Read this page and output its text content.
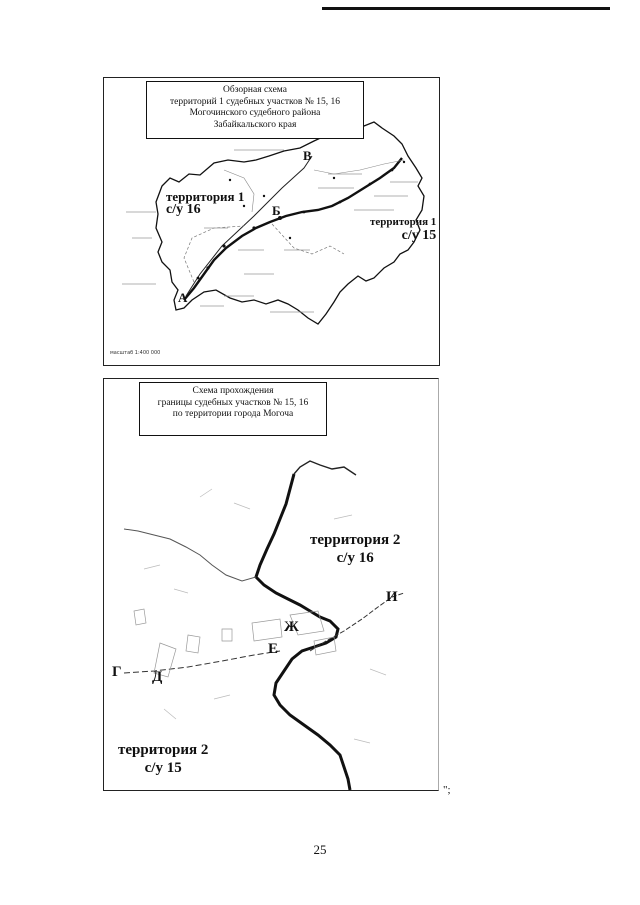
Обзорная схема
территорий 1 судебных участков № 15, 16
Могочинского судебного района
Забайкальского края
территория 1
с/у 16
территория 1
с/у 15
А
Б
В
масштаб 1:400 000
Схема прохождения
границы судебных участков № 15, 16
по территории города Могоча
территория 2
с/у 16
территория 2
с/у 15
Г Д
Е
Ж
И
";
25
